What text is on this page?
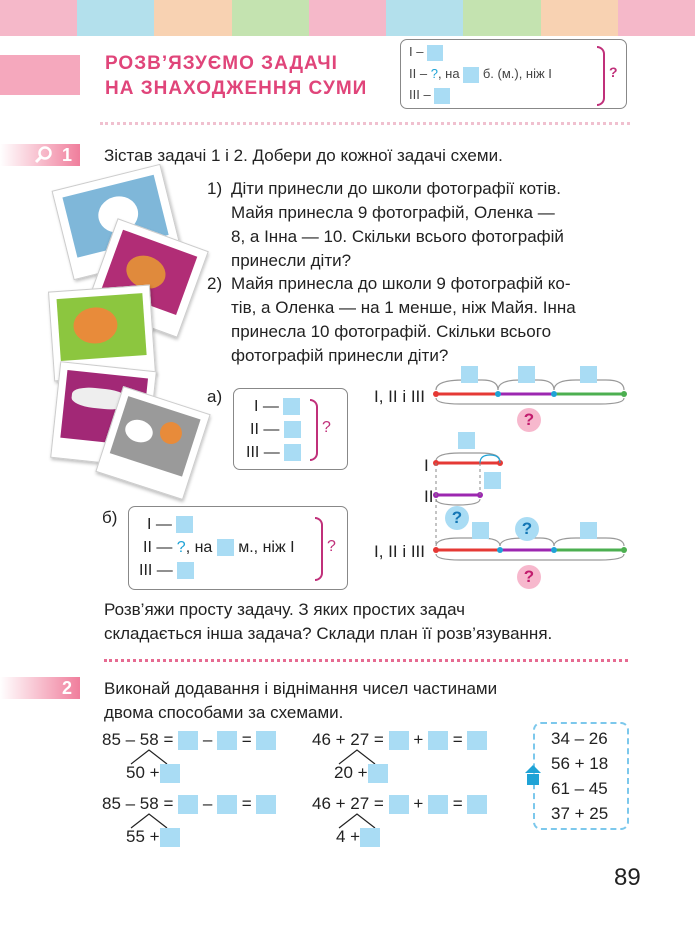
РОЗВ’ЯЗУЄМО ЗАДАЧІ
НА ЗНАХОДЖЕННЯ СУМИ
I –
II – ?, на б. (м.), ніж I
III –
?
1 Зістав задачі 1 і 2. Добери до кожної задачі схеми.
1) Діти принесли до школи фотографії котів.
Майя принесла 9 фотографій, Оленка —
8, а Інна — 10. Скільки всього фотографій
принесли діти?
2) Майя принесла до школи 9 фотографій ко-
тів, а Оленка — на 1 менше, ніж Майя. Інна
принесла 10 фотографій. Скільки всього
фотографій принесли діти?
а)
I —
II —
III —
?
б) I —
II — ?, на м., ніж I
III —
?
I, II і III
I
II
I, II і III
?
?
?
?
Розв’яжи просту задачу. З яких простих задач
складається інша задача? Склади план її розв’язування.
2 Виконай додавання і віднімання чисел частинами
двома способами за схемами.
85 – 58 = – =
50 +
46 + 27 = + =
20 +
85 – 58 = – =
55 +
46 + 27 = + =
4 +
34 – 26
56 + 18
61 – 45
37 + 25
89
